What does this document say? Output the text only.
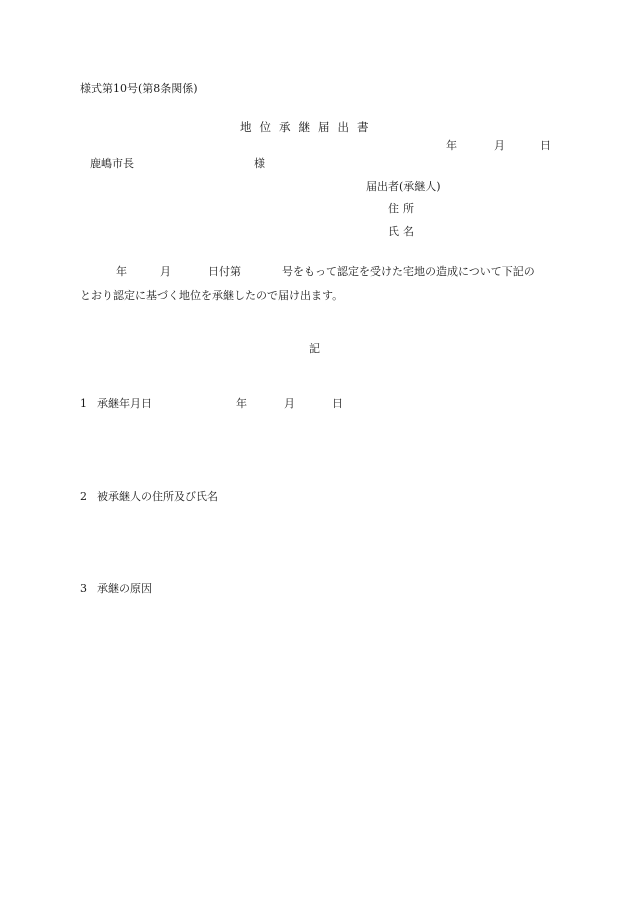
様式第10号(第8条関係)
地位承継届出書
年	月	日
鹿嶋市長	様
届出者(承継人)
住所
氏名
年	月	日付第	号をもって認定を受けた宅地の造成について下記の
とおり認定に基づく地位を承継したので届け出ます。
記
1 承継年月日	年	月	日
2 被承継人の住所及び氏名
3 承継の原因
